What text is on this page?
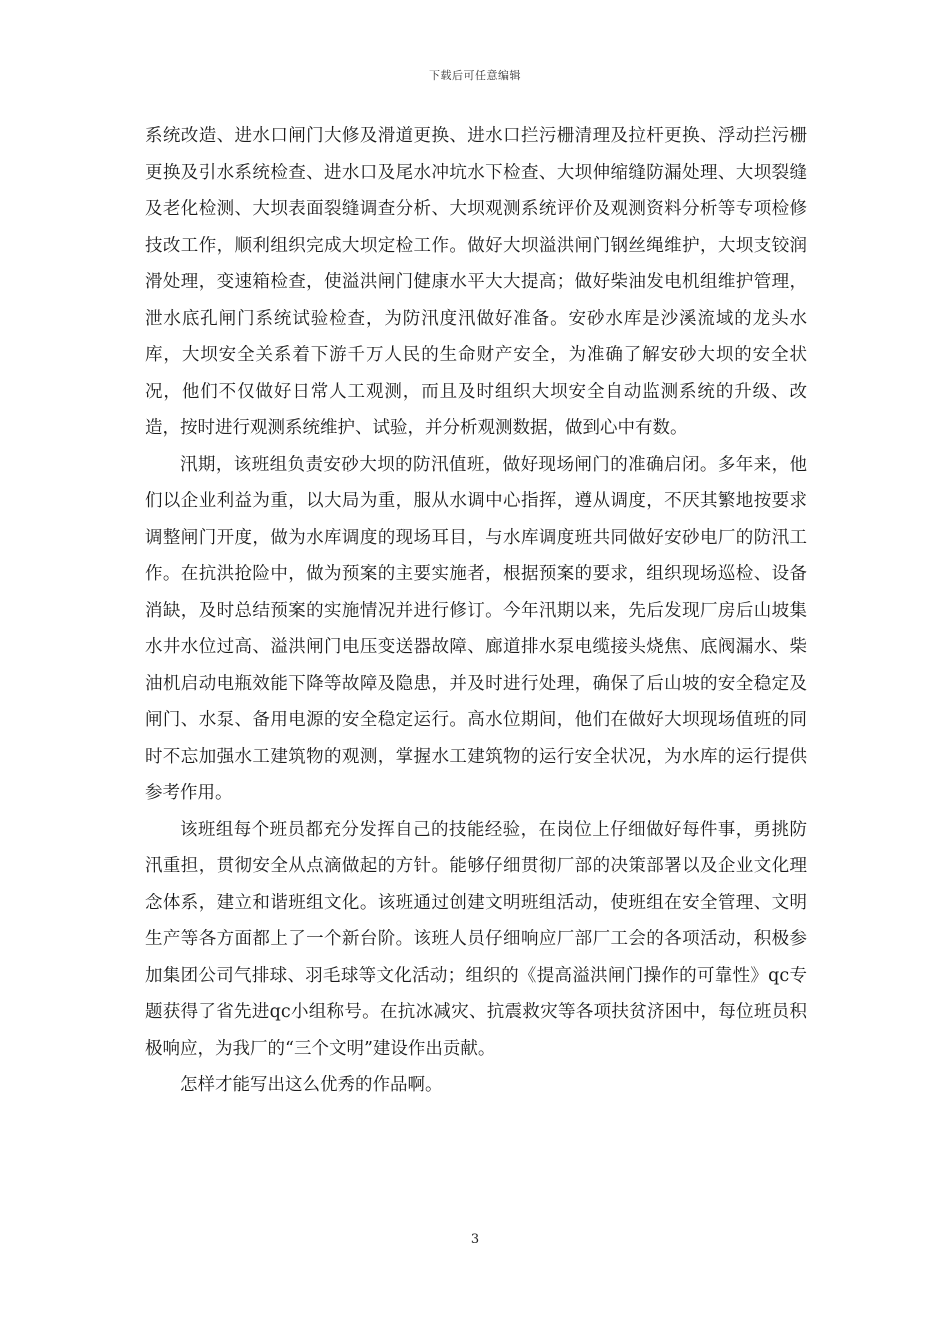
下载后可任意编辑

系统改造、进水口闸门大修及滑道更换、进水口拦污栅清理及拉杆更换、浮动拦污栅更换及引水系统检查、进水口及尾水冲坑水下检查、大坝伸缩缝防漏处理、大坝裂缝及老化检测、大坝表面裂缝调查分析、大坝观测系统评价及观测资料分析等专项检修技改工作，顺利组织完成大坝定检工作。做好大坝溢洪闸门钢丝绳维护，大坝支铰润滑处理，变速箱检查，使溢洪闸门健康水平大大提高；做好柴油发电机组维护管理，泄水底孔闸门系统试验检查，为防汛度汛做好准备。安砂水库是沙溪流域的龙头水库，大坝安全关系着下游千万人民的生命财产安全，为准确了解安砂大坝的安全状况，他们不仅做好日常人工观测，而且及时组织大坝安全自动监测系统的升级、改造，按时进行观测系统维护、试验，并分析观测数据，做到心中有数。

汛期，该班组负责安砂大坝的防汛值班，做好现场闸门的准确启闭。多年来，他们以企业利益为重，以大局为重，服从水调中心指挥，遵从调度，不厌其繁地按要求调整闸门开度，做为水库调度的现场耳目，与水库调度班共同做好安砂电厂的防汛工作。在抗洪抢险中，做为预案的主要实施者，根据预案的要求，组织现场巡检、设备消缺，及时总结预案的实施情况并进行修订。今年汛期以来，先后发现厂房后山坡集水井水位过高、溢洪闸门电压变送器故障、廊道排水泵电缆接头烧焦、底阀漏水、柴油机启动电瓶效能下降等故障及隐患，并及时进行处理，确保了后山坡的安全稳定及闸门、水泵、备用电源的安全稳定运行。高水位期间，他们在做好大坝现场值班的同时不忘加强水工建筑物的观测，掌握水工建筑物的运行安全状况，为水库的运行提供参考作用。

该班组每个班员都充分发挥自己的技能经验，在岗位上仔细做好每件事，勇挑防汛重担，贯彻安全从点滴做起的方针。能够仔细贯彻厂部的决策部署以及企业文化理念体系，建立和谐班组文化。该班通过创建文明班组活动，使班组在安全管理、文明生产等各方面都上了一个新台阶。该班人员仔细响应厂部厂工会的各项活动，积极参加集团公司气排球、羽毛球等文化活动；组织的《提高溢洪闸门操作的可靠性》qc专题获得了省先进qc小组称号。在抗冰减灾、抗震救灾等各项扶贫济困中，每位班员积极响应，为我厂的“三个文明”建设作出贡献。

怎样才能写出这么优秀的作品啊。

3
